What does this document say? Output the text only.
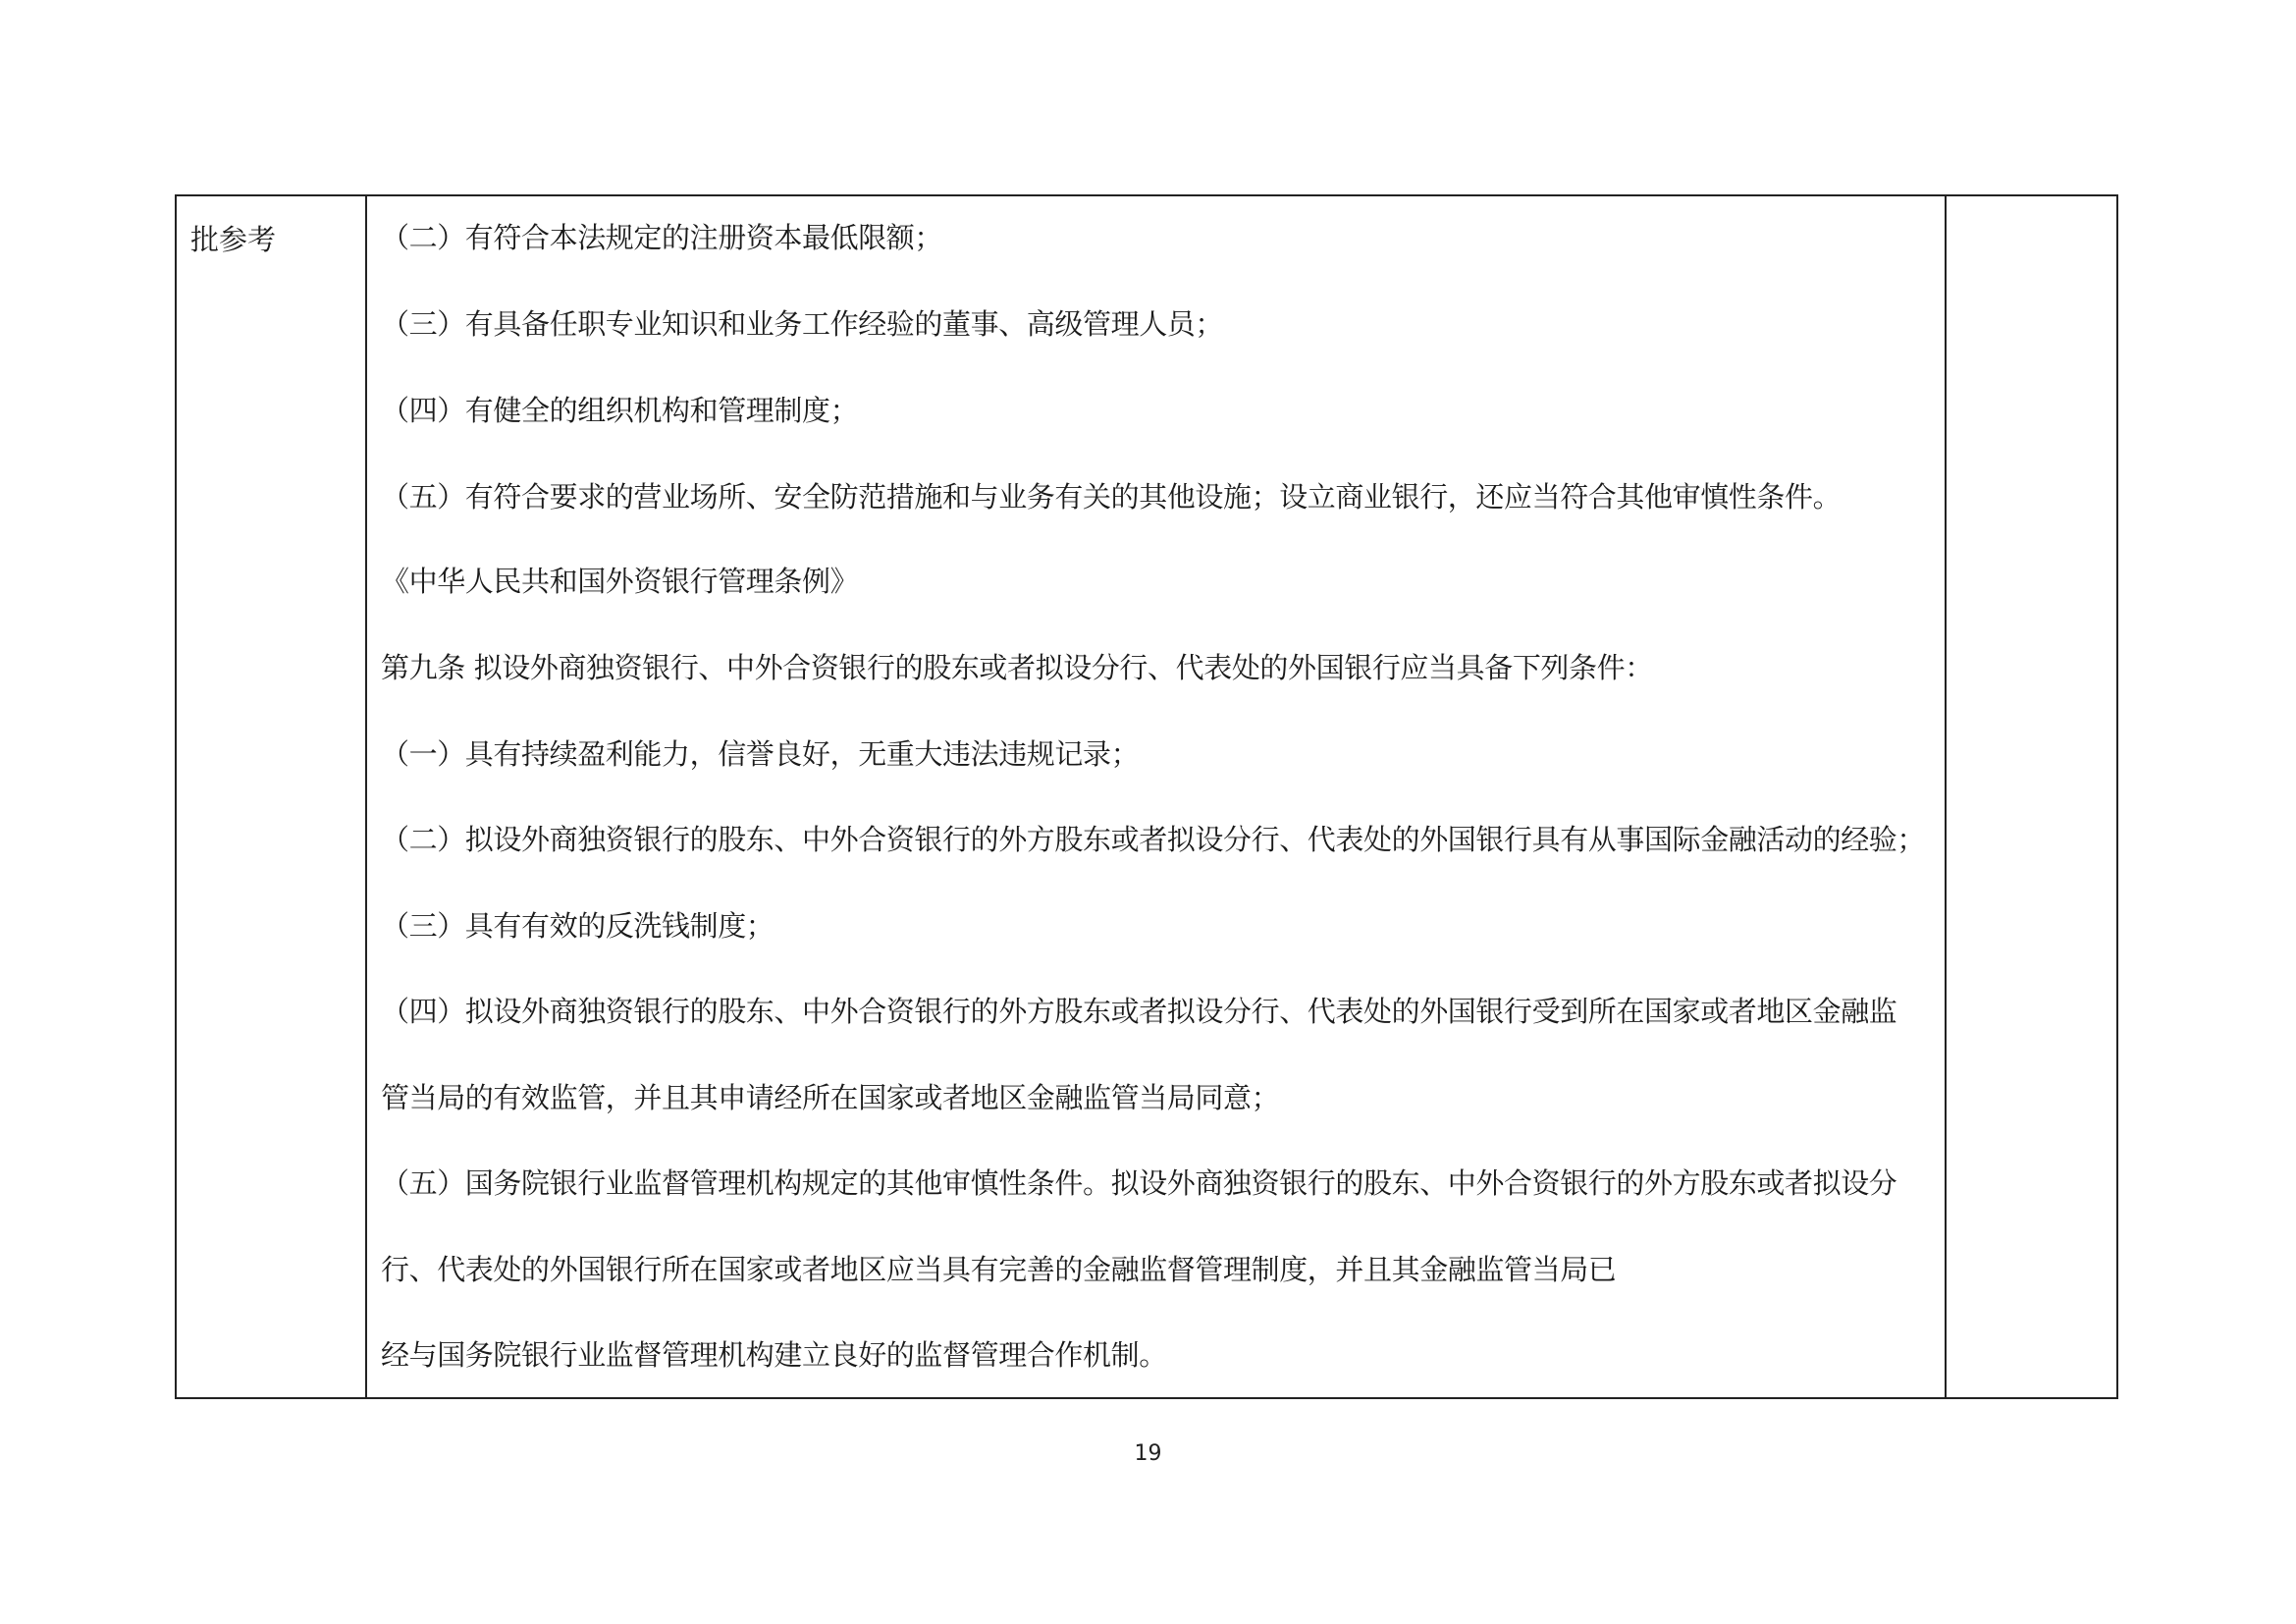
批参考	（二）有符合本法规定的注册资本最低限额；
（三）有具备任职专业知识和业务工作经验的董事、高级管理人员；
（四）有健全的组织机构和管理制度；
（五）有符合要求的营业场所、安全防范措施和与业务有关的其他设施；设立商业银行，还应当符合其他审慎性条件。
《中华人民共和国外资银行管理条例》
第九条 拟设外商独资银行、中外合资银行的股东或者拟设分行、代表处的外国银行应当具备下列条件：
（一）具有持续盈利能力，信誉良好，无重大违法违规记录；
（二）拟设外商独资银行的股东、中外合资银行的外方股东或者拟设分行、代表处的外国银行具有从事国际金融活动的经验；
（三）具有有效的反洗钱制度；
（四）拟设外商独资银行的股东、中外合资银行的外方股东或者拟设分行、代表处的外国银行受到所在国家或者地区金融监
管当局的有效监管，并且其申请经所在国家或者地区金融监管当局同意；
（五）国务院银行业监督管理机构规定的其他审慎性条件。拟设外商独资银行的股东、中外合资银行的外方股东或者拟设分
行、代表处的外国银行所在国家或者地区应当具有完善的金融监督管理制度，并且其金融监管当局已
经与国务院银行业监督管理机构建立良好的监督管理合作机制。
19
